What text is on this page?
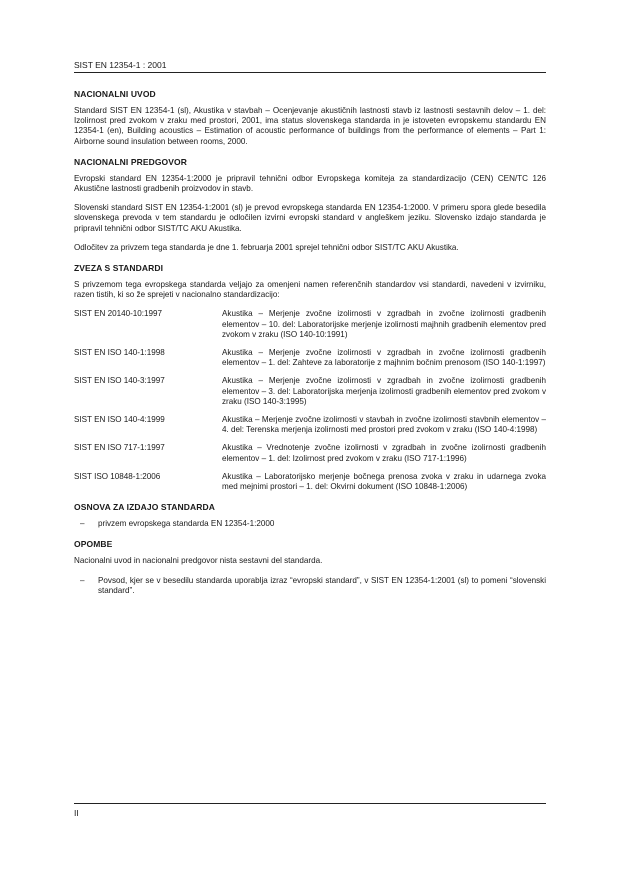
SIST EN 12354-1 : 2001
NACIONALNI UVOD

Standard SIST EN 12354-1 (sl), Akustika v stavbah – Ocenjevanje akustičnih lastnosti stavb iz lastnosti sestavnih delov – 1. del: Izolirnost pred zvokom v zraku med prostori, 2001, ima status slovenskega standarda in je istoveten evropskemu standardu EN 12354-1 (en), Building acoustics – Estimation of acoustic performance of buildings from the performance of elements – Part 1: Airborne sound insulation between rooms, 2000.

NACIONALNI PREDGOVOR

Evropski standard EN 12354-1:2000 je pripravil tehnični odbor Evropskega komiteja za standardizacijo (CEN) CEN/TC 126 Akustične lastnosti gradbenih proizvodov in stavb.

Slovenski standard SIST EN 12354-1:2001 (sl) je prevod evropskega standarda EN 12354-1:2000. V primeru spora glede besedila slovenskega prevoda v tem standardu je odločilen izvirni evropski standard v angleškem jeziku. Slovensko izdajo standarda je pripravil tehnični odbor SIST/TC AKU Akustika.

Odločitev za privzem tega standarda je dne 1. februarja 2001 sprejel tehnični odbor SIST/TC AKU Akustika.

ZVEZA S STANDARDI

S privzemom tega evropskega standarda veljajo za omenjeni namen referenčnih standardov vsi standardi, navedeni v izvirniku, razen tistih, ki so že sprejeti v nacionalno standardizacijo:

SIST EN 20140-10:1997	Akustika – Merjenje zvočne izolirnosti v zgradbah in zvočne izolirnosti gradbenih elementov – 10. del: Laboratorijske merjenje izolirnosti majhnih gradbenih elementov pred zvokom v zraku (ISO 140-10:1991)
SIST EN ISO 140-1:1998	Akustika – Merjenje zvočne izolirnosti v zgradbah in zvočne izolirnosti gradbenih elementov – 1. del: Zahteve za laboratorije z majhnim bočnim prenosom (ISO 140-1:1997)
SIST EN ISO 140-3:1997	Akustika – Merjenje zvočne izolirnosti v zgradbah in zvočne izolirnosti gradbenih elementov – 3. del: Laboratorijska merjenja izolirnosti gradbenih elementov pred zvokom v zraku (ISO 140-3:1995)
SIST EN ISO 140-4:1999	Akustika – Merjenje zvočne izolirnosti v stavbah in zvočne izolirnosti stavbnih elementov – 4. del: Terenska merjenja izolirnosti med prostori pred zvokom v zraku (ISO 140-4:1998)
SIST EN ISO 717-1:1997	Akustika – Vrednotenje zvočne izolirnosti v zgradbah in zvočne izolirnosti gradbenih elementov – 1. del: Izolirnost pred zvokom v zraku (ISO 717-1:1996)
SIST ISO 10848-1:2006	Akustika – Laboratorijsko merjenje bočnega prenosa zvoka v zraku in udarnega zvoka med mejnimi prostori – 1. del: Okvirni dokument (ISO 10848-1:2006)
OSNOVA ZA IZDAJO STANDARDA
–	privzem evropskega standarda EN 12354-1:2000
OPOMBE

Nacionalni uvod in nacionalni predgovor nista sestavni del standarda.

–	Povsod, kjer se v besedilu standarda uporablja izraz “evropski standard”, v SIST EN 12354-1:2001 (sl) to pomeni “slovenski standard”.
II
